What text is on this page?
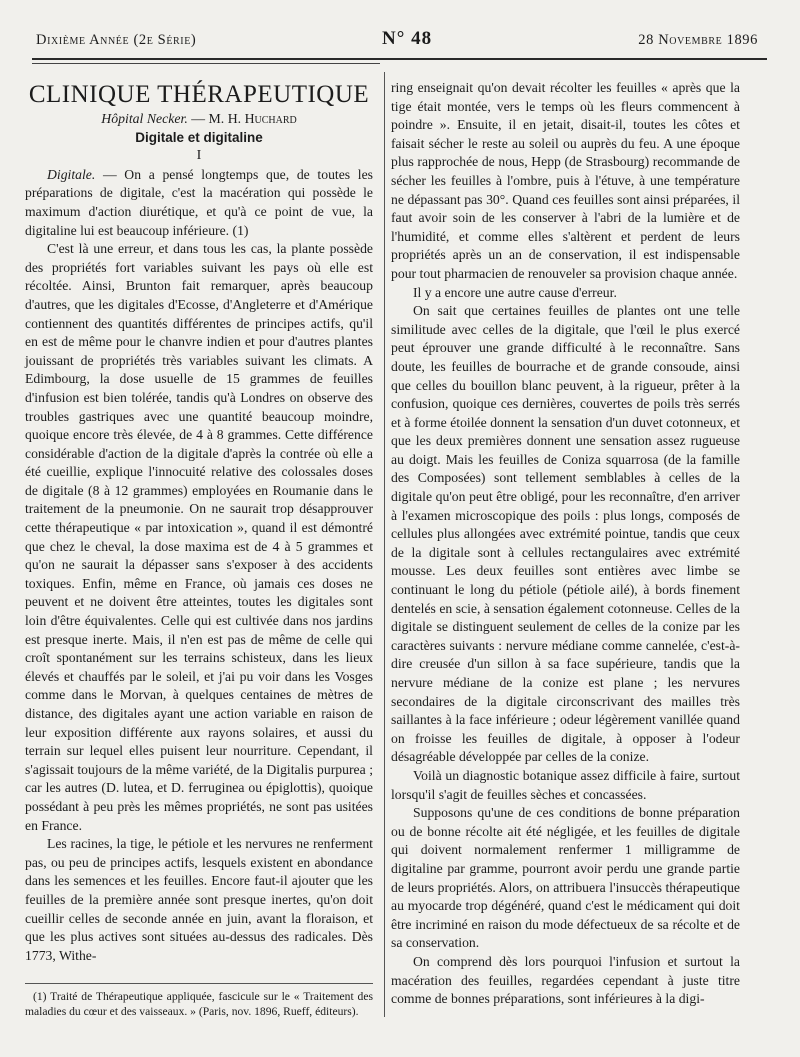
Dixième Année (2e Série)	N° 48	28 Novembre 1896

CLINIQUE THÉRAPEUTIQUE

Hôpital Necker. — M. H. Huchard

Digitale et digitaline

I

Digitale. — On a pensé longtemps que, de toutes les préparations de digitale, c'est la macération qui possède le maximum d'action diurétique, et qu'à ce point de vue, la digitaline lui est beaucoup inférieure. (1)

C'est là une erreur, et dans tous les cas, la plante possède des propriétés fort variables suivant les pays où elle est récoltée. Ainsi, Brunton fait remarquer, après beaucoup d'autres, que les digitales d'Ecosse, d'Angleterre et d'Amérique contiennent des quantités différentes de principes actifs, qu'il en est de même pour le chanvre indien et pour d'autres plantes jouissant de propriétés très variables suivant les climats. A Edimbourg, la dose usuelle de 15 grammes de feuilles d'infusion est bien tolérée, tandis qu'à Londres on observe des troubles gastriques avec une quantité beaucoup moindre, quoique encore très élevée, de 4 à 8 grammes. Cette différence considérable d'action de la digitale d'après la contrée où elle a été cueillie, explique l'innocuité relative des colossales doses de digitale (8 à 12 grammes) employées en Roumanie dans le traitement de la pneumonie. On ne saurait trop désapprouver cette thérapeutique « par intoxication », quand il est démontré que chez le cheval, la dose maxima est de 4 à 5 grammes et qu'on ne saurait la dépasser sans s'exposer à des accidents toxiques. Enfin, même en France, où jamais ces doses ne peuvent et ne doivent être atteintes, toutes les digitales sont loin d'être équivalentes. Celle qui est cultivée dans nos jardins est presque inerte. Mais, il n'en est pas de même de celle qui croît spontanément sur les terrains schisteux, dans les lieux élevés et chauffés par le soleil, et j'ai pu voir dans les Vosges comme dans le Morvan, à quelques centaines de mètres de distance, des digitales ayant une action variable en raison de leur exposition différente aux rayons solaires, et aussi du terrain sur lequel elles puisent leur nourriture. Cependant, il s'agissait toujours de la même variété, de la Digitalis purpurea ; car les autres (D. lutea, et D. ferruginea ou épiglottis), quoique possédant à peu près les mêmes propriétés, ne sont pas usitées en France.

Les racines, la tige, le pétiole et les nervures ne renferment pas, ou peu de principes actifs, lesquels existent en abondance dans les semences et les feuilles. Encore faut-il ajouter que les feuilles de la première année sont presque inertes, qu'on doit cueillir celles de seconde année en juin, avant la floraison, et que les plus actives sont situées au-dessus des radicales. Dès 1773, Withe-

(1) Traité de Thérapeutique appliquée, fascicule sur le « Traitement des maladies du cœur et des vaisseaux. » (Paris, nov. 1896, Rueff, éditeurs).

ring enseignait qu'on devait récolter les feuilles « après que la tige était montée, vers le temps où les fleurs commencent à poindre ». Ensuite, il en jetait, disait-il, toutes les côtes et faisait sécher le reste au soleil ou auprès du feu. A une époque plus rapprochée de nous, Hepp (de Strasbourg) recommande de sécher les feuilles à l'ombre, puis à l'étuve, à une température ne dépassant pas 30°. Quand ces feuilles sont ainsi préparées, il faut avoir soin de les conserver à l'abri de la lumière et de l'humidité, et comme elles s'altèrent et perdent de leurs propriétés après un an de conservation, il est indispensable pour tout pharmacien de renouveler sa provision chaque année.

Il y a encore une autre cause d'erreur.

On sait que certaines feuilles de plantes ont une telle similitude avec celles de la digitale, que l'œil le plus exercé peut éprouver une grande difficulté à le reconnaître. Sans doute, les feuilles de bourrache et de grande consoude, ainsi que celles du bouillon blanc peuvent, à la rigueur, prêter à la confusion, quoique ces dernières, couvertes de poils très serrés et à forme étoilée donnent la sensation d'un duvet cotonneux, et que les deux premières donnent une sensation assez rugueuse au doigt. Mais les feuilles de Coniza squarrosa (de la famille des Composées) sont tellement semblables à celles de la digitale qu'on peut être obligé, pour les reconnaître, d'en arriver à l'examen microscopique des poils : plus longs, composés de cellules plus allongées avec extrémité pointue, tandis que ceux de la digitale sont à cellules rectangulaires avec extrémité mousse. Les deux feuilles sont entières avec limbe se continuant le long du pétiole (pétiole ailé), à bords finement dentelés en scie, à sensation également cotonneuse. Celles de la digitale se distinguent seulement de celles de la conize par les caractères suivants : nervure médiane comme cannelée, c'est-à-dire creusée d'un sillon à sa face supérieure, tandis que la nervure médiane de la conize est plane ; les nervures secondaires de la digitale circonscrivant des mailles très saillantes à la face inférieure ; odeur légèrement vanillée quand on froisse les feuilles de digitale, à opposer à l'odeur désagréable développée par celles de la conize.

Voilà un diagnostic botanique assez difficile à faire, surtout lorsqu'il s'agit de feuilles sèches et concassées.

Supposons qu'une de ces conditions de bonne préparation ou de bonne récolte ait été négligée, et les feuilles de digitale qui doivent normalement renfermer 1 milligramme de digitaline par gramme, pourront avoir perdu une grande partie de leurs propriétés. Alors, on attribuera l'insuccès thérapeutique au myocarde trop dégénéré, quand c'est le médicament qui doit être incriminé en raison du mode défectueux de sa récolte et de sa conservation.

On comprend dès lors pourquoi l'infusion et surtout la macération des feuilles, regardées cependant à juste titre comme de bonnes préparations, sont inférieures à la digi-
